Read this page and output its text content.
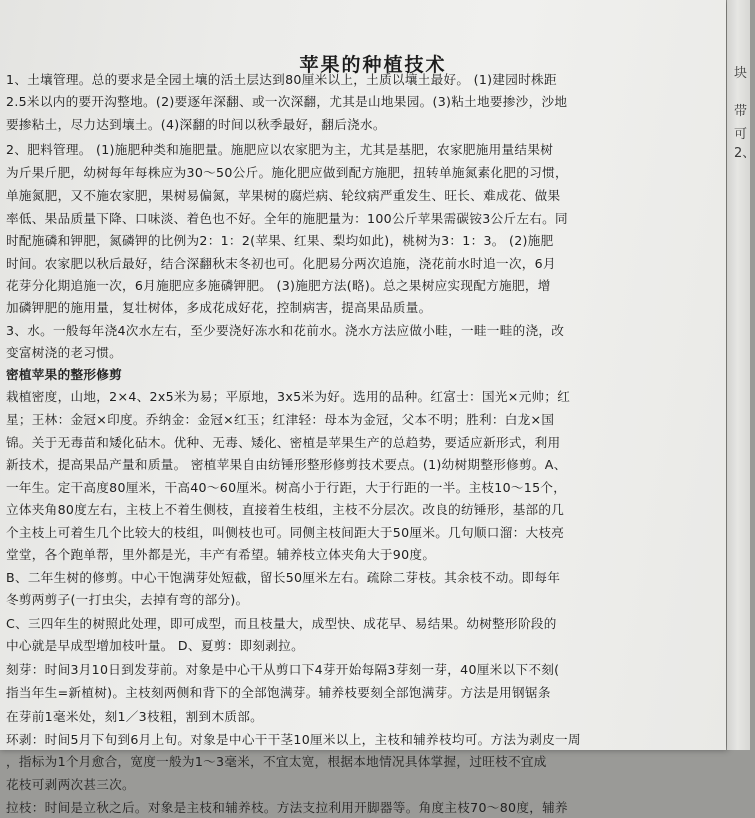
苹果的种植技术
1、土壤管理。总的要求是全园土壤的活土层达到80厘米以上，土质以壤土最好。 (1)建园时株距
2.5米以内的要开沟整地。(2)要逐年深翻、或一次深翻，尤其是山地果园。(3)粘土地要掺沙，沙地
要掺粘土，尽力达到壤土。(4)深翻的时间以秋季最好，翻后浇水。
2、肥料管理。 (1)施肥种类和施肥量。施肥应以农家肥为主，尤其是基肥，农家肥施用量结果树
为斤果斤肥，幼树每年每株应为30～50公斤。施化肥应做到配方施肥，扭转单施氮素化肥的习惯，
单施氮肥，又不施农家肥，果树易偏氮，苹果树的腐烂病、轮纹病严重发生、旺长、难成花、做果
率低、果品质量下降、口味淡、着色也不好。全年的施肥量为：100公斤苹果需碳铵3公斤左右。同
时配施磷和钾肥，氮磷钾的比例为2：1：2(苹果、红果、梨均如此)，桃树为3：1：3。 (2)施肥
时间。农家肥以秋后最好，结合深翻秋末冬初也可。化肥易分两次追施，浇花前水时追一次，6月
花芽分化期追施一次，6月施肥应多施磷钾肥。 (3)施肥方法(略)。总之果树应实现配方施肥，增
加磷钾肥的施用量，复壮树体，多成花成好花，控制病害，提高果品质量。
3、水。一般每年浇4次水左右，至少要浇好冻水和花前水。浇水方法应做小畦，一畦一畦的浇，改
变富树浇的老习惯。
密植苹果的整形修剪
栽植密度，山地，2×4、2x5米为易；平原地，3x5米为好。选用的品种。红富士：国光×元帅；红
星；王林：金冠×印度。乔纳金：金冠×红玉；红津轻：母本为金冠，父本不明；胜利：白龙×国
锦。关于无毒苗和矮化砧木。优种、无毒、矮化、密植是苹果生产的总趋势，要适应新形式，利用
新技术，提高果品产量和质量。 密植苹果自由纺锤形整形修剪技术要点。(1)幼树期整形修剪。A、
一年生。定干高度80厘米，干高40～60厘米。树高小于行距，大于行距的一半。主枝10～15个，
立体夹角80度左右，主枝上不着生侧枝，直接着生枝组，主枝不分层次。改良的纺锤形，基部的几
个主枝上可着生几个比较大的枝组，叫侧枝也可。同侧主枝间距大于50厘米。几句顺口溜：大枝亮
堂堂，各个跑单帮，里外都是光，丰产有希望。辅养枝立体夹角大于90度。
B、二年生树的修剪。中心干饱满芽处短截，留长50厘米左右。疏除二芽枝。其余枝不动。即每年
冬剪两剪子(一打虫尖，去掉有弯的部分)。
C、三四年生的树照此处理，即可成型，而且枝量大，成型快、成花早、易结果。幼树整形阶段的
中心就是早成型增加枝叶量。 D、夏剪：即刻剥拉。
刻芽：时间3月10日到发芽前。对象是中心干从剪口下4芽开始每隔3芽刻一芽，40厘米以下不刻(
指当年生=新植树)。主枝刻两侧和背下的全部饱满芽。辅养枝要刻全部饱满芽。方法是用钢锯条
在芽前1毫米处，刻1／3枝粗，割到木质部。
环剥：时间5月下旬到6月上旬。对象是中心干干茎10厘米以上，主枝和辅养枝均可。方法为剥皮一周
，指标为1个月愈合，宽度一般为1～3毫米，不宜太宽，根据本地情况具体掌握，过旺枝不宜成
花枝可剥两次甚三次。
拉枝：时间是立秋之后。对象是主枝和辅养枝。方法支拉利用开脚器等。角度主枝70～80度，辅养
块
带
可
2、
